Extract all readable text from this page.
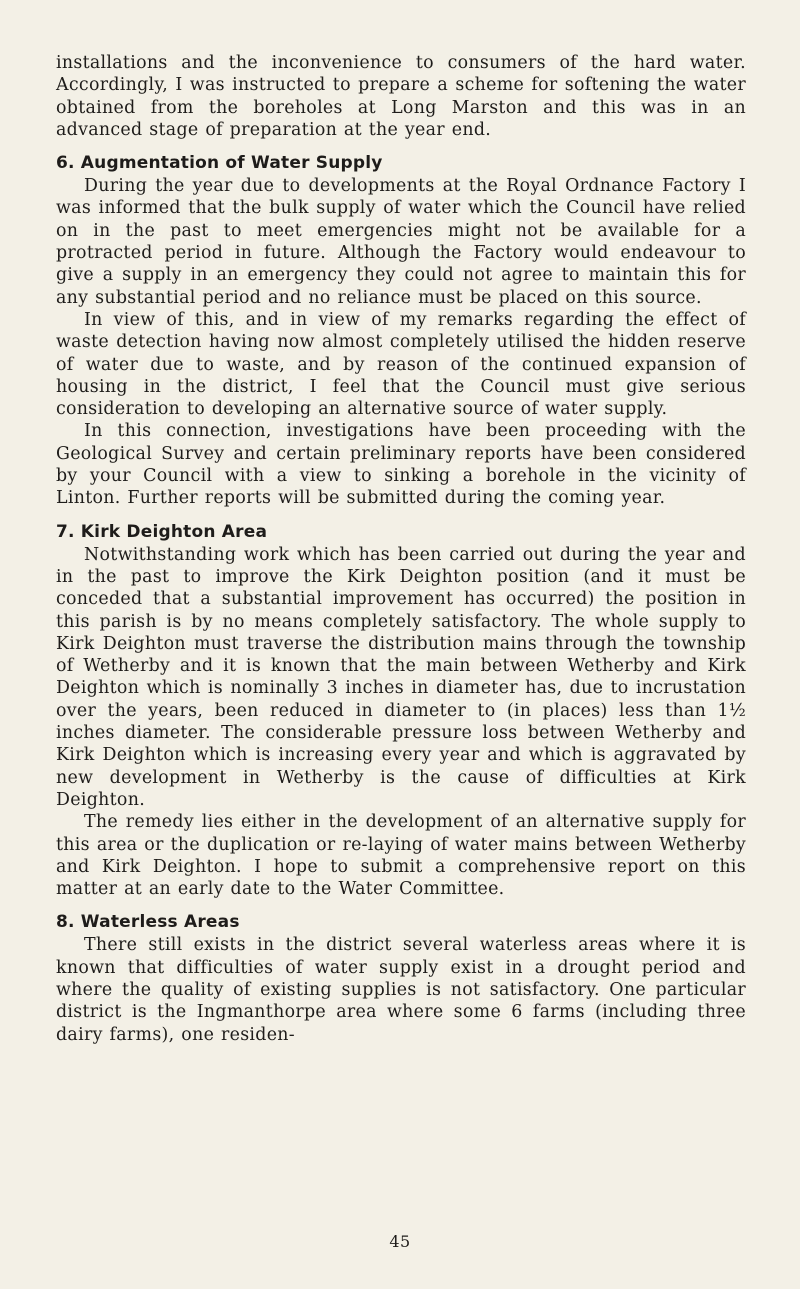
installations and the inconvenience to consumers of the hard water. Accordingly, I was instructed to prepare a scheme for softening the water obtained from the boreholes at Long Marston and this was in an advanced stage of preparation at the year end.

6. Augmentation of Water Supply

During the year due to developments at the Royal Ordnance Factory I was informed that the bulk supply of water which the Council have relied on in the past to meet emergencies might not be available for a protracted period in future. Although the Factory would endeavour to give a supply in an emergency they could not agree to maintain this for any substantial period and no reliance must be placed on this source.

In view of this, and in view of my remarks regarding the effect of waste detection having now almost completely utilised the hidden reserve of water due to waste, and by reason of the continued expansion of housing in the district, I feel that the Council must give serious consideration to developing an alternative source of water supply.

In this connection, investigations have been proceeding with the Geological Survey and certain preliminary reports have been considered by your Council with a view to sinking a borehole in the vicinity of Linton. Further reports will be submitted during the coming year.

7. Kirk Deighton Area

Notwithstanding work which has been carried out during the year and in the past to improve the Kirk Deighton position (and it must be conceded that a substantial improvement has occurred) the position in this parish is by no means completely satisfactory. The whole supply to Kirk Deighton must traverse the distribution mains through the township of Wetherby and it is known that the main between Wetherby and Kirk Deighton which is nominally 3 inches in diameter has, due to incrustation over the years, been reduced in diameter to (in places) less than 1½ inches diameter. The considerable pressure loss between Wetherby and Kirk Deighton which is increasing every year and which is aggravated by new development in Wetherby is the cause of difficulties at Kirk Deighton.

The remedy lies either in the development of an alternative supply for this area or the duplication or re-laying of water mains between Wetherby and Kirk Deighton. I hope to submit a comprehensive report on this matter at an early date to the Water Committee.

8. Waterless Areas

There still exists in the district several waterless areas where it is known that difficulties of water supply exist in a drought period and where the quality of existing supplies is not satisfactory. One particular district is the Ingmanthorpe area where some 6 farms (including three dairy farms), one residen-

45
